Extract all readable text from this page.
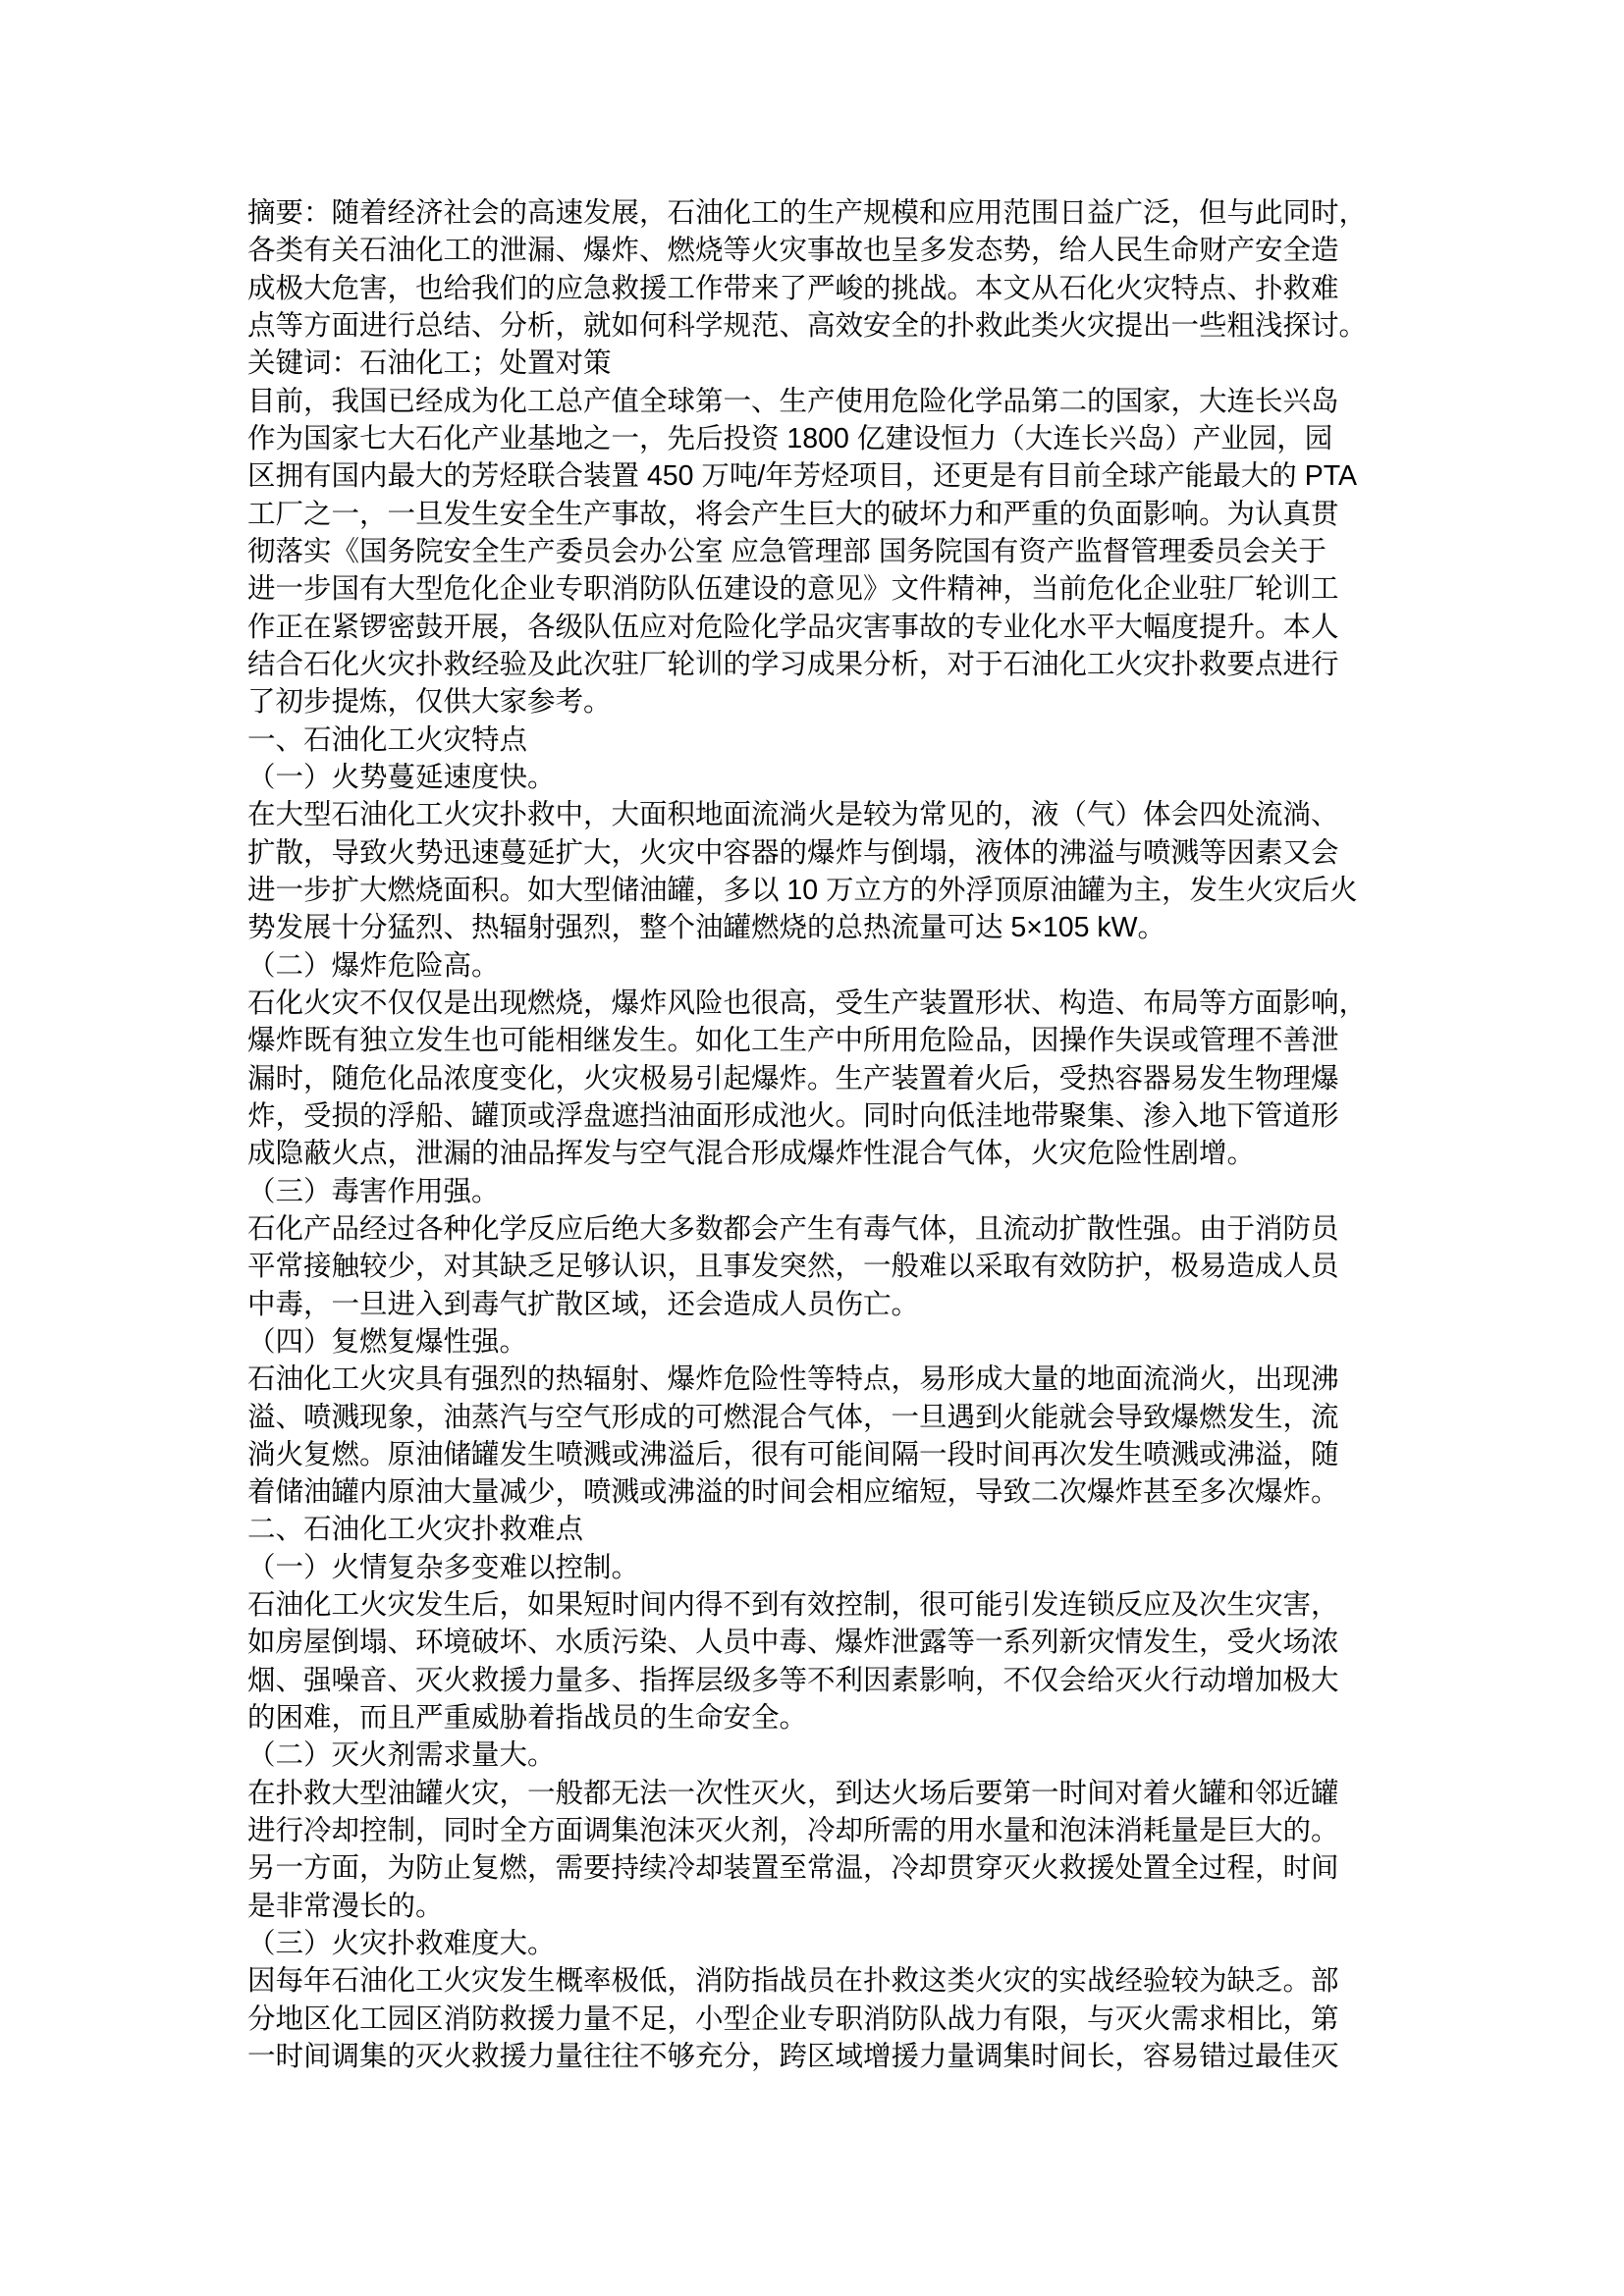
摘要：随着经济社会的高速发展，石油化工的生产规模和应用范围日益广泛，但与此同时，
各类有关石油化工的泄漏、爆炸、燃烧等火灾事故也呈多发态势，给人民生命财产安全造
成极大危害，也给我们的应急救援工作带来了严峻的挑战。本文从石化火灾特点、扑救难
点等方面进行总结、分析，就如何科学规范、高效安全的扑救此类火灾提出一些粗浅探讨。
关键词：石油化工；处置对策
目前，我国已经成为化工总产值全球第一、生产使用危险化学品第二的国家，大连长兴岛
作为国家七大石化产业基地之一，先后投资 1800 亿建设恒力（大连长兴岛）产业园，园
区拥有国内最大的芳烃联合装置 450 万吨/年芳烃项目，还更是有目前全球产能最大的 PTA
工厂之一，一旦发生安全生产事故，将会产生巨大的破坏力和严重的负面影响。为认真贯
彻落实《国务院安全生产委员会办公室 应急管理部 国务院国有资产监督管理委员会关于
进一步国有大型危化企业专职消防队伍建设的意见》文件精神，当前危化企业驻厂轮训工
作正在紧锣密鼓开展，各级队伍应对危险化学品灾害事故的专业化水平大幅度提升。本人
结合石化火灾扑救经验及此次驻厂轮训的学习成果分析，对于石油化工火灾扑救要点进行
了初步提炼，仅供大家参考。
一、石油化工火灾特点
（一）火势蔓延速度快。
在大型石油化工火灾扑救中，大面积地面流淌火是较为常见的，液（气）体会四处流淌、
扩散，导致火势迅速蔓延扩大，火灾中容器的爆炸与倒塌，液体的沸溢与喷溅等因素又会
进一步扩大燃烧面积。如大型储油罐，多以 10 万立方的外浮顶原油罐为主，发生火灾后火
势发展十分猛烈、热辐射强烈，整个油罐燃烧的总热流量可达 5×105 kW。
（二）爆炸危险高。
石化火灾不仅仅是出现燃烧，爆炸风险也很高，受生产装置形状、构造、布局等方面影响，
爆炸既有独立发生也可能相继发生。如化工生产中所用危险品，因操作失误或管理不善泄
漏时，随危化品浓度变化，火灾极易引起爆炸。生产装置着火后，受热容器易发生物理爆
炸，受损的浮船、罐顶或浮盘遮挡油面形成池火。同时向低洼地带聚集、渗入地下管道形
成隐蔽火点，泄漏的油品挥发与空气混合形成爆炸性混合气体，火灾危险性剧增。
（三）毒害作用强。
石化产品经过各种化学反应后绝大多数都会产生有毒气体，且流动扩散性强。由于消防员
平常接触较少，对其缺乏足够认识，且事发突然，一般难以采取有效防护，极易造成人员
中毒，一旦进入到毒气扩散区域，还会造成人员伤亡。
（四）复燃复爆性强。
石油化工火灾具有强烈的热辐射、爆炸危险性等特点，易形成大量的地面流淌火，出现沸
溢、喷溅现象，油蒸汽与空气形成的可燃混合气体，一旦遇到火能就会导致爆燃发生，流
淌火复燃。原油储罐发生喷溅或沸溢后，很有可能间隔一段时间再次发生喷溅或沸溢，随
着储油罐内原油大量减少，喷溅或沸溢的时间会相应缩短，导致二次爆炸甚至多次爆炸。
二、石油化工火灾扑救难点
（一）火情复杂多变难以控制。
石油化工火灾发生后，如果短时间内得不到有效控制，很可能引发连锁反应及次生灾害，
如房屋倒塌、环境破坏、水质污染、人员中毒、爆炸泄露等一系列新灾情发生，受火场浓
烟、强噪音、灭火救援力量多、指挥层级多等不利因素影响，不仅会给灭火行动增加极大
的困难，而且严重威胁着指战员的生命安全。
（二）灭火剂需求量大。
在扑救大型油罐火灾，一般都无法一次性灭火，到达火场后要第一时间对着火罐和邻近罐
进行冷却控制，同时全方面调集泡沫灭火剂，冷却所需的用水量和泡沫消耗量是巨大的。
另一方面，为防止复燃，需要持续冷却装置至常温，冷却贯穿灭火救援处置全过程，时间
是非常漫长的。
（三）火灾扑救难度大。
因每年石油化工火灾发生概率极低，消防指战员在扑救这类火灾的实战经验较为缺乏。部
分地区化工园区消防救援力量不足，小型企业专职消防队战力有限，与灭火需求相比，第
一时间调集的灭火救援力量往往不够充分，跨区域增援力量调集时间长，容易错过最佳灭
